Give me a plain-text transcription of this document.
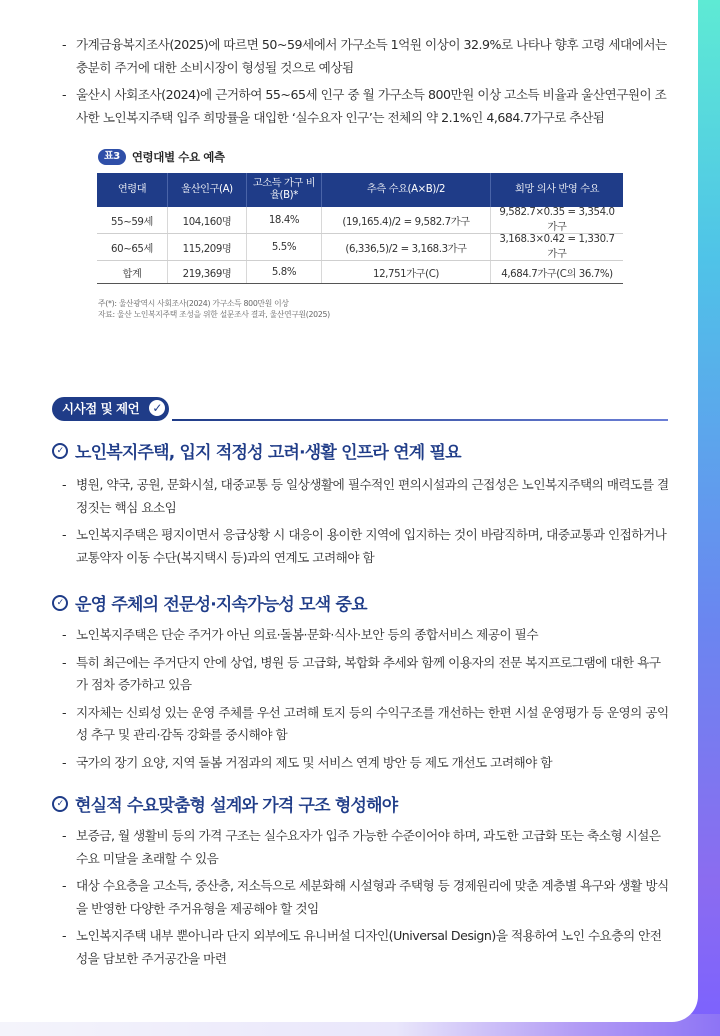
- 가계금융복지조사(2025)에 따르면 50~59세에서 가구소득 1억원 이상이 32.9%로 나타나 향후 고령 세대에서는 충분히 주거에 대한 소비시장이 형성될 것으로 예상됨
- 울산시 사회조사(2024)에 근거하여 55~65세 인구 중 월 가구소득 800만원 이상 고소득 비율과 울산연구원이 조사한 노인복지주택 입주 희망률을 대입한 ‘실수요자 인구’는 전체의 약 2.1%인 4,684.7가구로 추산됨
표3	연령대별 수요 예측
연령대	울산인구(A)	고소득 가구 비율(B)*	추측 수요(A×B)/2	희망 의사 반영 수요
55~59세	104,160명	18.4%	(19,165.4)/2 = 9,582.7가구	9,582.7×0.35 = 3,354.0가구
60~65세	115,209명	5.5%	(6,336,5)/2 = 3,168.3가구	3,168.3×0.42 = 1,330.7가구
합계	219,369명	5.8%	12,751가구(C)	4,684.7가구(C의 36.7%)
주(*): 울산광역시 사회조사(2024) 가구소득 800만원 이상
자료: 울산 노인복지주택 조성을 위한 설문조사 결과, 울산연구원(2025)
시사점 및 제언	✓
✓ 노인복지주택, 입지 적정성 고려·생활 인프라 연계 필요
- 병원, 약국, 공원, 문화시설, 대중교통 등 일상생활에 필수적인 편의시설과의 근접성은 노인복지주택의 매력도를 결정짓는 핵심 요소임
- 노인복지주택은 평지이면서 응급상황 시 대응이 용이한 지역에 입지하는 것이 바람직하며, 대중교통과 인접하거나 교통약자 이동 수단(복지택시 등)과의 연계도 고려해야 함
✓ 운영 주체의 전문성·지속가능성 모색 중요
- 노인복지주택은 단순 주거가 아닌 의료·돌봄·문화·식사·보안 등의 종합서비스 제공이 필수
- 특히 최근에는 주거단지 안에 상업, 병원 등 고급화, 복합화 추세와 함께 이용자의 전문 복지프로그램에 대한 욕구가 점차 증가하고 있음
- 지자체는 신뢰성 있는 운영 주체를 우선 고려해 토지 등의 수익구조를 개선하는 한편 시설 운영평가 등 운영의 공익성 추구 및 관리·감독 강화를 중시해야 함
- 국가의 장기 요양, 지역 돌봄 거점과의 제도 및 서비스 연계 방안 등 제도 개선도 고려해야 함
✓ 현실적 수요맞춤형 설계와 가격 구조 형성해야
- 보증금, 월 생활비 등의 가격 구조는 실수요자가 입주 가능한 수준이어야 하며, 과도한 고급화 또는 축소형 시설은 수요 미달을 초래할 수 있음
- 대상 수요층을 고소득, 중산층, 저소득으로 세분화해 시설형과 주택형 등 경제원리에 맞춘 계층별 욕구와 생활 방식을 반영한 다양한 주거유형을 제공해야 할 것임
- 노인복지주택 내부 뿐아니라 단지 외부에도 유니버설 디자인(Universal Design)을 적용하여 노인 수요층의 안전성을 담보한 주거공간을 마련
